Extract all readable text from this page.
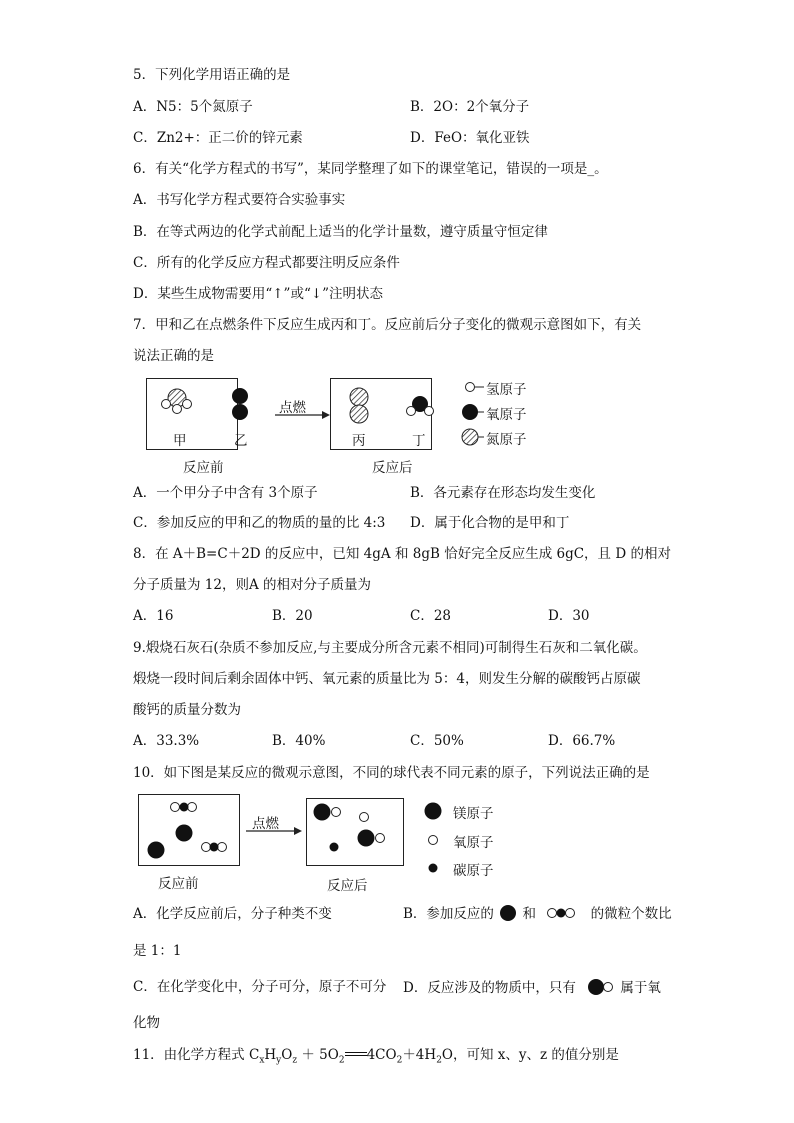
5．下列化学用语正确的是
A．N5：5个氮原子	B．2O：2个氧分子
C．Zn2+：正二价的锌元素	D．FeO：氧化亚铁
6．有关“化学方程式的书写”，某同学整理了如下的课堂笔记，错误的一项是_。
A．书写化学方程式要符合实验事实
B．在等式两边的化学式前配上适当的化学计量数，遵守质量守恒定律
C．所有的化学反应方程式都要注明反应条件
D．某些生成物需要用“↑”或“↓”注明状态
7．甲和乙在点燃条件下反应生成丙和丁。反应前后分子变化的微观示意图如下，有关
说法正确的是
甲	乙	丙	丁
点燃
反应前	反应后
氢原子
氧原子
氮原子
A．一个甲分子中含有 3个原子	B．各元素存在形态均发生变化
C．参加反应的甲和乙的物质的量的比 4:3 D．属于化合物的是甲和丁
8．在 A＋B=C＋2D 的反应中，已知 4gA 和 8gB 恰好完全反应生成 6gC，且 D 的相对
分子质量为 12，则A 的相对分子质量为
A．16	B．20	C．28	D．30
9.煅烧石灰石(杂质不参加反应,与主要成分所含元素不相同)可制得生石灰和二氧化碳。
煅烧一段时间后剩余固体中钙、氧元素的质量比为 5：4，则发生分解的碳酸钙占原碳
酸钙的质量分数为
A．33.3%	B．40%	C．50%	D．66.7%
10．如下图是某反应的微观示意图，不同的球代表不同元素的原子，下列说法正确的是
点燃
反应前	反应后
镁原子
氧原子
碳原子
A．化学反应前后，分子种类不变	B．参加反应的 和	的微粒个数比
是 1：1
C．在化学变化中，分子可分，原子不可分 D．反应涉及的物质中，只有	属于氧
化物
11．由化学方程式 $C_xH_yO_z + 5O_2$ $4CO_2+4H_2O$，可知 x、y、z 的值分别是
